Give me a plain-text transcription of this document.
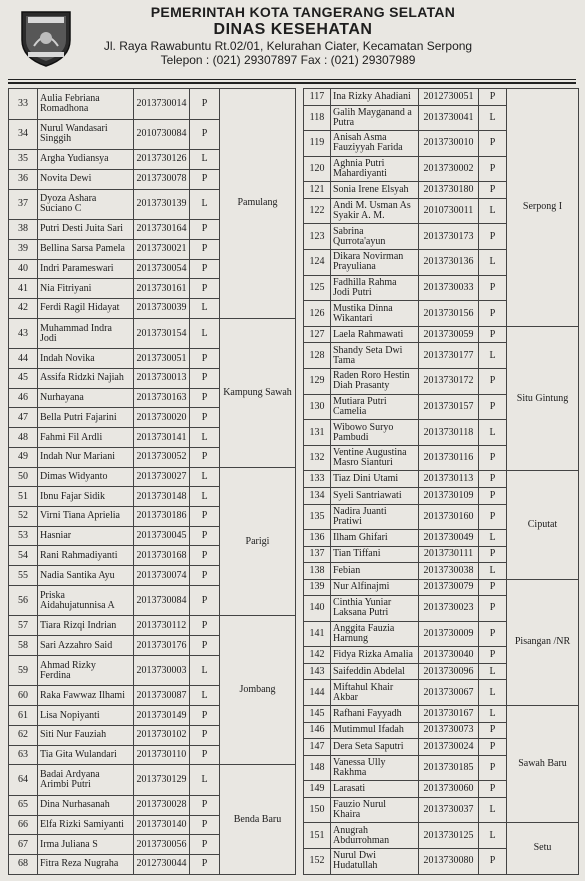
PEMERINTAH KOTA TANGERANG SELATAN
DINAS KESEHATAN
Jl. Raya Rawabuntu Rt.02/01, Kelurahan Ciater, Kecamatan Serpong
Telepon : (021) 29307897 Fax : (021) 29307989
33	Aulia Febriana
Romadhona	2013730014	P	Pamulang
34	Nurul Wandasari
Singgih	2010730084	P	
35	Argha Yudiansya	2013730126	L	
36	Novita Dewi	2013730078	P	
37	Dyoza Ashara
Suciano C	2013730139	L	
38	Putri Desti Juita Sari	2013730164	P	
39	Bellina Sarsa Pamela	2013730021	P	
40	Indri Parameswari	2013730054	P	
41	Nia Fitriyani	2013730161	P	
42	Ferdi Ragil Hidayat	2013730039	L	
43	Muhammad Indra
Jodi	2013730154	L	Kampung Sawah
44	Indah Novika	2013730051	P	
45	Assifa Ridzki Najiah	2013730013	P	
46	Nurhayana	2013730163	P	
47	Bella Putri Fajarini	2013730020	P	
48	Fahmi Fil Ardli	2013730141	L	
49	Indah Nur Mariani	2013730052	P	
50	Dimas Widyanto	2013730027	L	Parigi
51	Ibnu Fajar Sidik	2013730148	L	
52	Virni Tiana Aprielia	2013730186	P	
53	Hasniar	2013730045	P	
54	Rani Rahmadiyanti	2013730168	P	
55	Nadia Santika Ayu	2013730074	P	
56	Priska
Aidahujatunnisa A	2013730084	P	
57	Tiara Rizqi Indrian	2013730112	P	Jombang
58	Sari Azzahro Said	2013730176	P	
59	Ahmad Rizky
Ferdina	2013730003	L	
60	Raka Fawwaz Ilhami	2013730087	L	
61	Lisa Nopiyanti	2013730149	P	
62	Siti Nur Fauziah	2013730102	P	
63	Tia Gita Wulandari	2013730110	P	
64	Badai Ardyana
Arimbi Putri	2013730129	L	Benda Baru
65	Dina Nurhasanah	2013730028	P	
66	Elfa Rizki Samiyanti	2013730140	P	
67	Irma Juliana S	2013730056	P	
68	Fitra Reza Nugraha	2012730044	P	
117	Ina Rizky Ahadiani	2012730051	P	Serpong I
118	Galih Mayganand a
Putra	2013730041	L	
119	Anisah Asma
Fauziyyah Farida	2013730010	P	
120	Aghnia Putri
Mahardiyanti	2013730002	P	
121	Sonia Irene Elsyah	2013730180	P	
122	Andi M. Usman As
Syakir A. M.	2010730011	L	
123	Sabrina
Qurrota'ayun	2013730173	P	
124	Dikara Novirman
Prayuliana	2013730136	L	
125	Fadhilla Rahma
Jodi Putri	2013730033	P	
126	Mustika Dinna
Wikantari	2013730156	P	
127	Laela Rahmawati	2013730059	P	Situ Gintung
128	Shandy Seta Dwi
Tama	2013730177	L	
129	Raden Roro Hestin
Diah Prasanty	2013730172	P	
130	Mutiara Putri
Camelia	2013730157	P	
131	Wibowo Suryo
Pambudi	2013730118	L	
132	Ventine Augustina
Masro Sianturi	2013730116	P	
133	Tiaz Dini Utami	2013730113	P	Ciputat
134	Syeli Santriawati	2013730109	P	
135	Nadira Juanti
Pratiwi	2013730160	P	
136	Ilham Ghifari	2013730049	L	
137	Tian Tiffani	2013730111	P	
138	Febian	2013730038	L	
139	Nur Alfinajmi	2013730079	P	Pisangan /NR
140	Cinthia Yuniar
Laksana Putri	2013730023	P	
141	Anggita Fauzia
Harnung	2013730009	P	
142	Fidya Rizka Amalia	2013730040	P	
143	Saifeddin Abdelal	2013730096	L	
144	Miftahul Khair
Akbar	2013730067	L	
145	Rafhani Fayyadh	2013730167	L	Sawah Baru
146	Mutimmul Ifadah	2013730073	P	
147	Dera Seta Saputri	2013730024	P	
148	Vanessa Ully
Rakhma	2013730185	P	
149	Larasati	2013730060	P	
150	Fauzio Nurul
Khaira	2013730037	L	
151	Anugrah
Abdurrohman	2013730125	L	Setu
152	Nurul Dwi
Hudatullah	2013730080	P	
